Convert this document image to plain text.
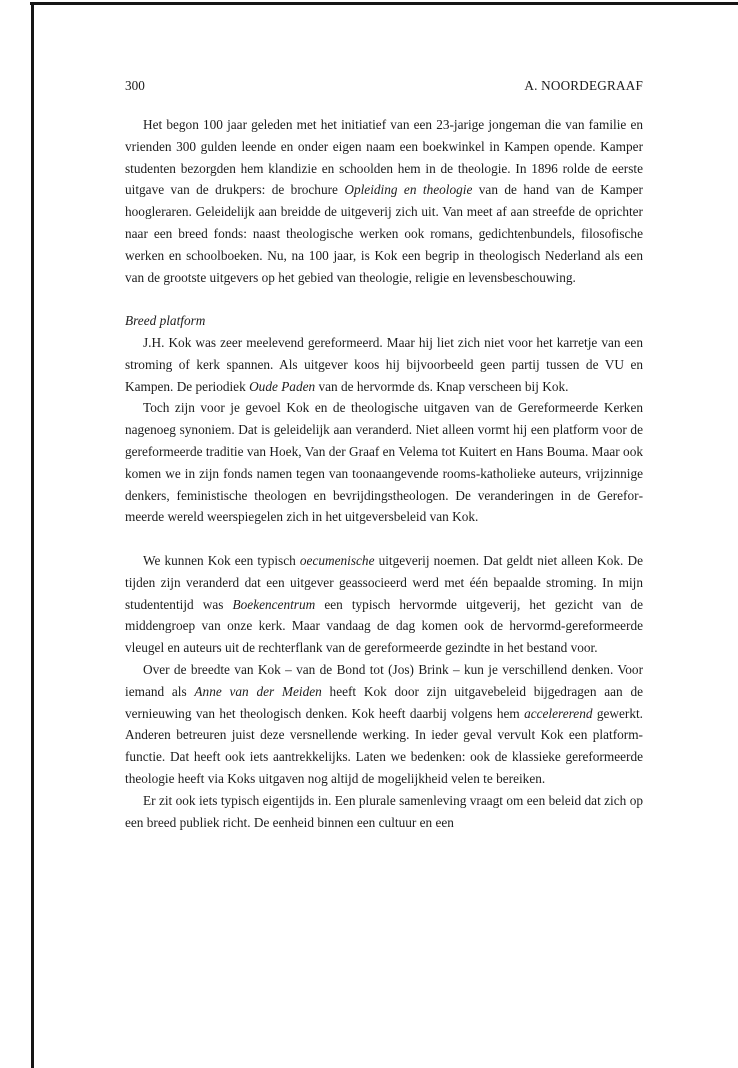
300	A. NOORDEGRAAF

Het begon 100 jaar geleden met het initiatief van een 23-jarige jongeman die van familie en vrienden 300 gulden leende en onder eigen naam een boekwinkel in Kampen opende. Kamper studenten bezorgden hem klandizie en schoolden hem in de theologie. In 1896 rolde de eerste uitgave van de drukpers: de brochure Opleiding en theologie van de hand van de Kamper hoogleraren. Geleidelijk aan breidde de uitgeverij zich uit. Van meet af aan streefde de oprichter naar een breed fonds: naast theologische werken ook romans, gedichtenbundels, filosofische werken en schoolboeken. Nu, na 100 jaar, is Kok een begrip in theologisch Nederland als een van de grootste uitgevers op het gebied van theologie, religie en levensbeschouwing.

Breed platform

J.H. Kok was zeer meelevend gereformeerd. Maar hij liet zich niet voor het karretje van een stroming of kerk spannen. Als uitgever koos hij bijvoorbeeld geen partij tussen de VU en Kampen. De periodiek Oude Paden van de hervormde ds. Knap verscheen bij Kok.

Toch zijn voor je gevoel Kok en de theologische uitgaven van de Gereformeerde Kerken nagenoeg synoniem. Dat is geleidelijk aan veranderd. Niet alleen vormt hij een platform voor de gereformeerde traditie van Hoek, Van der Graaf en Velema tot Kuitert en Hans Bouma. Maar ook komen we in zijn fonds namen tegen van toonaangevende rooms-katholieke auteurs, vrijzinnige denkers, feministische theologen en bevrijdingstheologen. De veranderingen in de Gereformeerde wereld weerspiegelen zich in het uitgeversbeleid van Kok.

We kunnen Kok een typisch oecumenische uitgeverij noemen. Dat geldt niet alleen Kok. De tijden zijn veranderd dat een uitgever geassocieerd werd met één bepaalde stroming. In mijn studententijd was Boekencentrum een typisch hervormde uitgeverij, het gezicht van de middengroep van onze kerk. Maar vandaag de dag komen ook de hervormd-gereformeerde vleugel en auteurs uit de rechterflank van de gereformeerde gezindte in het bestand voor.

Over de breedte van Kok – van de Bond tot (Jos) Brink – kun je verschillend denken. Voor iemand als Anne van der Meiden heeft Kok door zijn uitgavebeleid bijgedragen aan de vernieuwing van het theologisch denken. Kok heeft daarbij volgens hem accelererend gewerkt. Anderen betreuren juist deze versnellende werking. In ieder geval vervult Kok een platform-functie. Dat heeft ook iets aantrekkelijks. Laten we bedenken: ook de klassieke gereformeerde theologie heeft via Koks uitgaven nog altijd de mogelijkheid velen te bereiken.

Er zit ook iets typisch eigentijds in. Een plurale samenleving vraagt om een beleid dat zich op een breed publiek richt. De eenheid binnen een cultuur en een
